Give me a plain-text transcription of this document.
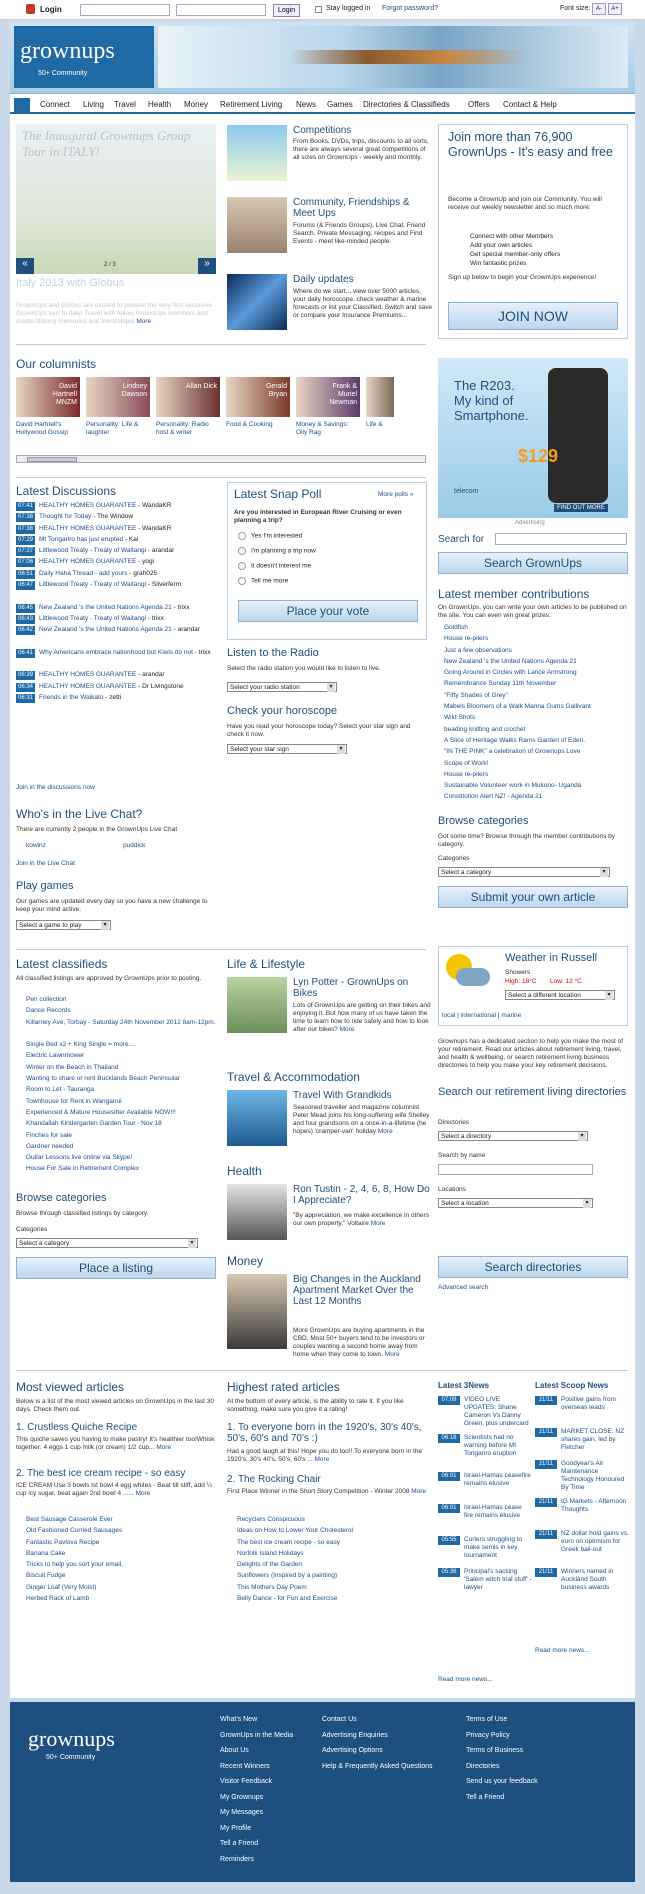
Login	Login	Stay logged in Forgot password?	Font size: A-	A+
grownups
50+ Community
Connect Living Travel Health Money Retirement Living News Games Directories & Classifieds Offers Contact & Help
The Inaugural Grownups Group Tour in ITALY!
«	»
2 / 3
Italy 2013 with Globus
GrownUps and Globus are excited to present the very first exclusive GrownUps tour to Italy! Travel with fellow GrownUps members and create lifelong memories and friendships! More
Competitions
From Books, DVDs, trips, discounts to all sorts, there are always several great competitions of all sizes on GrownUps - weekly and monthly.
Community, Friendships & Meet Ups
Forums (& Friends Groups), Live Chat, Friend Search, Private Messaging, recipes and Find Events - meet like-minded people.
Daily updates
Where do we start....view over 5000 articles, your daily horoscope, check weather & marine forecasts or list your Classified, Switch and save or compare your Insurance Premiums...
Join more than 76,900 GrownUps - It's easy and free
Become a GrownUp and join our Community. You will receive our weekly newsletter and so much more:
Connect with other Members
Add your own articles
Get special member-only offers
Win fantastic prizes
Sign up below to begin your GrownUps experience!
JOIN NOW
Our columnists
David Hartnell MNZM
David Hartnell's Hollywood Gossip
Lindsey Dawson
Personality: Life & laughter
Allan Dick
Personality: Radio host & writer
Gerald Bryan
Food & Cooking
Frank & Muriel Newman
Money & Savings: Oily Rag
Life &
The R203.
My kind of
Smartphone.
$129
telecom
FIND OUT MORE
Advertising
Latest Discussions
07:41 HEALTHY HOMES GUARANTEE - WandaKR
07:38 Thought for Today - The Window
07:38 HEALTHY HOMES GUARANTEE - WandaKR
07:29 Mt Tongariro has just erupted - Kai
07:27 Littlewood Treaty - Treaty of Waitangi - arandar
07:06 HEALTHY HOMES GUARANTEE - yogi
06:51 Daily Haha Thread - add yours - grah025
06:47 Littlewood Treaty - Treaty of Waitangi - Silverferm
06:45 New Zealand 's the United Nations Agenda 21 - trixx
06:43 Littlewood Treaty - Treaty of Waitangi - trixx
06:42 New Zealand 's the United Nations Agenda 21 - arandar
06:41 Why Americans embrace nationhood but Kiwis do not - trixx
06:39 HEALTHY HOMES GUARANTEE - arandar
06:34 HEALTHY HOMES GUARANTEE - Dr Livingstone
06:31 Friends in the Waikato - zetti
Join in the discussions now
Latest Snap Poll	More polls »
Are you interested in European River Cruising or even planning a trip?
Yes I'm interested
I'm planning a trip now
It doesn't interest me
Tell me more
Place your vote
Listen to the Radio
Select the radio station you would like to listen to live.
Select your radio station ▾
Check your horoscope
Have you read your horoscope today? Select your star sign and check it now.
Select your star sign ▾
Who's in the Live Chat?
There are currently 2 people in the GrownUps Live Chat
kowlnz	puddick
Join in the Live Chat
Play games
Our games are updated every day so you have a new challenge to keep your mind active.
Select a game to play ▾
Search for
Search GrownUps
Latest member contributions
On GrownUps, you can write your own articles to be published on the site. You can even win great prizes.
Goldfish
House re-pilers
Just a few observations
New Zealand 's the United Nations Agenda 21
Going Around in Circles with Lance Armstrong
Remembrance Sunday 11th November
"Fifty Shades of Grey"
Mabels Bloomers of a Walk Manna Gums Gallivant
Wild Shots
beading knitting and crochet
A Slice of Heritage Walks Rams Garden of Eden.
"IN THE PINK" a celebration of Grownups Love
Scope of Work!
House re-pilers
Sustainable Volunteer work in Mukono- Uganda
Constitution Alert NZ! - Agenda 21
Browse categories
Got some time? Browse through the member contributions by category.
Categories
Select a category ▾
Submit your own article
Latest classifieds
All classified listings are approved by GrownUps prior to posting.
Pen collection
Dance Records
Killarney Ave, Torbay - Saturday 24th November 2012 8am-12pm.
Single Bed x2 + King Single = more....
Electric Lawnmower
Winter on the Beach in Thailand
Wanting to share or rent Bucklands Beach Peninsular
Room to Let - Tauranga
Townhouse for Rent in Wanganui
Experienced & Mature Housesitter Available NOW!!!
Khandallah Kindergarten Garden Tour - Nov 18
Finches for sale
Gardner needed
Guitar Lessons live online via Skype!
House For Sale in Retirement Complex
Browse categories
Browse through classified listings by category.
Categories
Select a category ▾
Place a listing
Life & Lifestyle
Lyn Potter - GrownUps on Bikes
Lots of GrownUps are getting on their bikes and enjoying it. But how many of us have taken the time to learn how to ride safely and how to look after our bikes? More
Travel & Accommodation
Travel With Grandkids
Seasoned traveller and magazine columnist Peter Mead joins his long-suffering wife Shelley and four grandsons on a once-in-a-lifetime (he hopes) 'cramper-van' holiday More
Health
Ron Tustin - 2, 4, 6, 8, How Do I Appreciate?
"By appreciation, we make excellence in others our own property." Voltaire More
Money
Big Changes in the Auckland Apartment Market Over the Last 12 Months
More GrownUps are buying apartments in the CBD. Most 50+ buyers tend to be investors or couples wanting a second home away from home when they come to town. More
Weather in Russell
Showers
High: 18°C Low: 12 °C
Select a different location ▾
local | international | marine
Grownups has a dedicated section to help you make the most of your retirement. Read our articles about retirement living, travel, and health & wellbeing, or search retirement living business directories to help you make your key retirement decisions.
Search our retirement living directories
Directories
Select a directory ▾
Search by name
Locations
Select a location ▾
Search directories
Advanced search
Most viewed articles
Below is a list of the most viewed articles on GrownUps in the last 30 days. Check them out.
1. Crustless Quiche Recipe
This quiche saves you having to make pastry! It's healthier too!Whisk together: 4 eggs 1 cup milk (or cream) 1/2 cup... More
2. The best ice cream recipe - so easy
ICE CREAM Use 3 bowls Ist bowl 4 egg whites - Beat till stiff, add ¼ cup icy sugar, beat again 2nd bowl 4 ...... More
Best Sausage Casserole Ever
Old Fashioned Curried Sausages
Fantastic Pavlova Recipe
Banana Cake
Tricks to help you sort your email.
Biscuit Fudge
Ginger Loaf (Very Moist)
Herbed Rack of Lamb
Highest rated articles
At the bottom of every article, is the ability to rate it. If you like something, make sure you give it a rating!
1. To everyone born in the 1920's, 30's 40's, 50's, 60's and 70's :)
Had a good laugh at this! Hope you do too!! To everyone born in the 1920's, 30's 40's, 50's, 60's ... More
2. The Rocking Chair
First Place Winner in the Short Story Competition - Winter 2008 More
Recyclers Conspicuous
Ideas on How to Lower Your Cholesterol
The best ice cream recipe - so easy
Norfolk Island Holidays
Delights of the Garden
Sunflowers (Inspired by a painting)
This Mothers Day Poem
Belly Dance - for Fun and Exercise
Latest 3News
07:09	VIDEO LIVE UPDATES: Shane Cameron Vs Danny Green, plus undercard
06:18	Scientists had no warning before Mt Tongariro eruption
06:01	Israel-Hamas ceasefire remains elusive
06:01	Israel-Hamas cease fire remains elusive
05:55	Curlers struggling to make semis in key tournament
05:36	Principal's sacking 'Salem witch trial stuff' - lawyer
Read more news...
Latest Scoop News
21/11	Positive gains from overseas leads
21/11	MARKET CLOSE: NZ shares gain, led by Fletcher
21/11	Goodyear's Air Maintenance Technology Honoured By Time
21/11	IG Markets - Afternoon Thoughts
21/11	NZ dollar hold gains vs. euro on optimism for Greek bail-out
21/11	Winners named in Auckland South business awards
Read more news...
grownups
50+ Community
What's New
GrownUps in the Media
About Us
Recent Winners
Visitor Feedback
My Grownups
My Messages
My Profile
Tell a Friend
Reminders
Contact Us
Advertising Enquiries
Advertising Options
Help & Frequently Asked Questions
Terms of Use
Privacy Policy
Terms of Business
Directories
Send us your feedback
Tell a Friend
